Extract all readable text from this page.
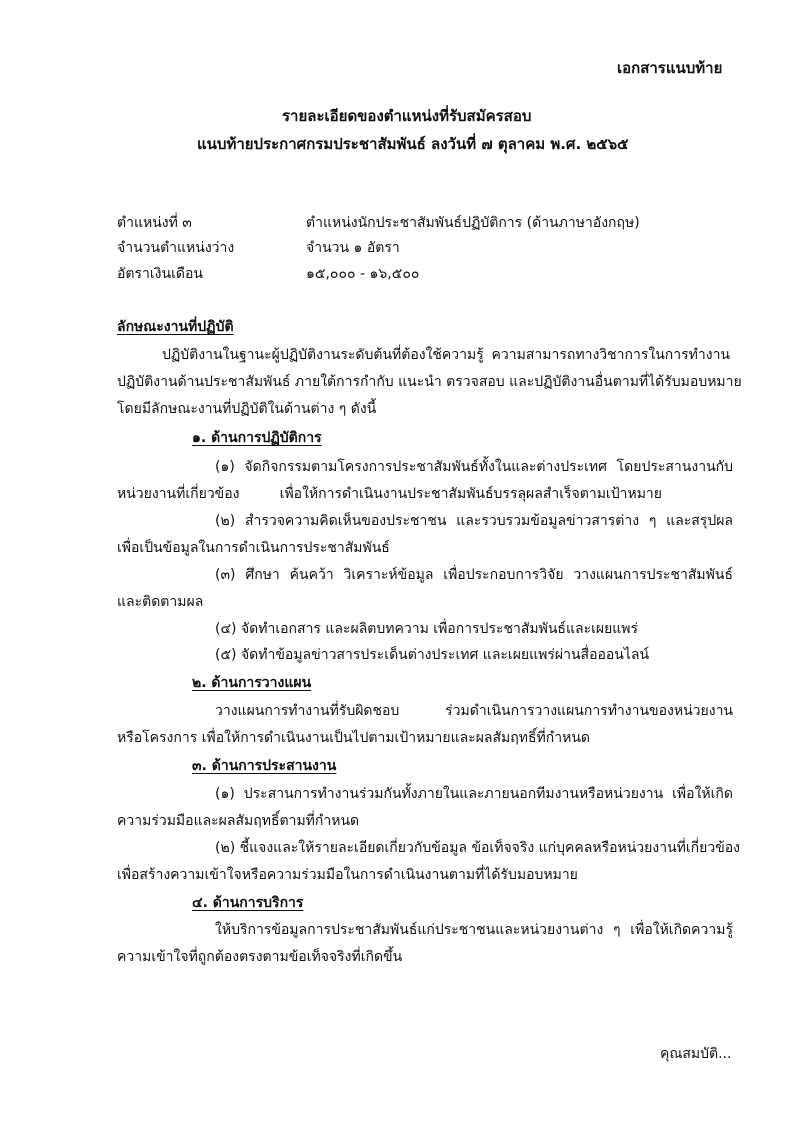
เอกสารแนบท้าย
รายละเอียดของตำแหน่งที่รับสมัครสอบ
แนบท้ายประกาศกรมประชาสัมพันธ์ ลงวันที่ ๗ ตุลาคม พ.ศ. ๒๕๖๕
ตำแหน่งที่ ๓	ตำแหน่งนักประชาสัมพันธ์ปฏิบัติการ (ด้านภาษาอังกฤษ)
จำนวนตำแหน่งว่าง	จำนวน ๑ อัตรา
อัตราเงินเดือน	๑๕,๐๐๐ - ๑๖,๕๐๐
ลักษณะงานที่ปฏิบัติ
ปฏิบัติงานในฐานะผู้ปฏิบัติงานระดับต้นที่ต้องใช้ความรู้ ความสามารถทางวิชาการในการทำงาน
ปฏิบัติงานด้านประชาสัมพันธ์ ภายใต้การกำกับ แนะนำ ตรวจสอบ และปฏิบัติงานอื่นตามที่ได้รับมอบหมาย
โดยมีลักษณะงานที่ปฏิบัติในด้านต่าง ๆ ดังนี้
๑. ด้านการปฏิบัติการ
(๑) จัดกิจกรรมตามโครงการประชาสัมพันธ์ทั้งในและต่างประเทศ โดยประสานงานกับ
หน่วยงานที่เกี่ยวข้อง เพื่อให้การดำเนินงานประชาสัมพันธ์บรรลุผลสำเร็จตามเป้าหมาย
(๒) สำรวจความคิดเห็นของประชาชน และรวบรวมข้อมูลข่าวสารต่าง ๆ และสรุปผล
เพื่อเป็นข้อมูลในการดำเนินการประชาสัมพันธ์
(๓) ศึกษา ค้นคว้า วิเคราะห์ข้อมูล เพื่อประกอบการวิจัย วางแผนการประชาสัมพันธ์
และติดตามผล
(๔) จัดทำเอกสาร และผลิตบทความ เพื่อการประชาสัมพันธ์และเผยแพร่
(๕) จัดทำข้อมูลข่าวสารประเด็นต่างประเทศ และเผยแพร่ผ่านสื่อออนไลน์
๒. ด้านการวางแผน
วางแผนการทำงานที่รับผิดชอบ ร่วมดำเนินการวางแผนการทำงานของหน่วยงาน
หรือโครงการ เพื่อให้การดำเนินงานเป็นไปตามเป้าหมายและผลสัมฤทธิ์ที่กำหนด
๓. ด้านการประสานงาน
(๑) ประสานการทำงานร่วมกันทั้งภายในและภายนอกทีมงานหรือหน่วยงาน เพื่อให้เกิด
ความร่วมมือและผลสัมฤทธิ์ตามที่กำหนด
(๒) ชี้แจงและให้รายละเอียดเกี่ยวกับข้อมูล ข้อเท็จจริง แก่บุคคลหรือหน่วยงานที่เกี่ยวข้อง
เพื่อสร้างความเข้าใจหรือความร่วมมือในการดำเนินงานตามที่ได้รับมอบหมาย
๔. ด้านการบริการ
ให้บริการข้อมูลการประชาสัมพันธ์แก่ประชาชนและหน่วยงานต่าง ๆ เพื่อให้เกิดความรู้
ความเข้าใจที่ถูกต้องตรงตามข้อเท็จจริงที่เกิดขึ้น
คุณสมบัติ...
